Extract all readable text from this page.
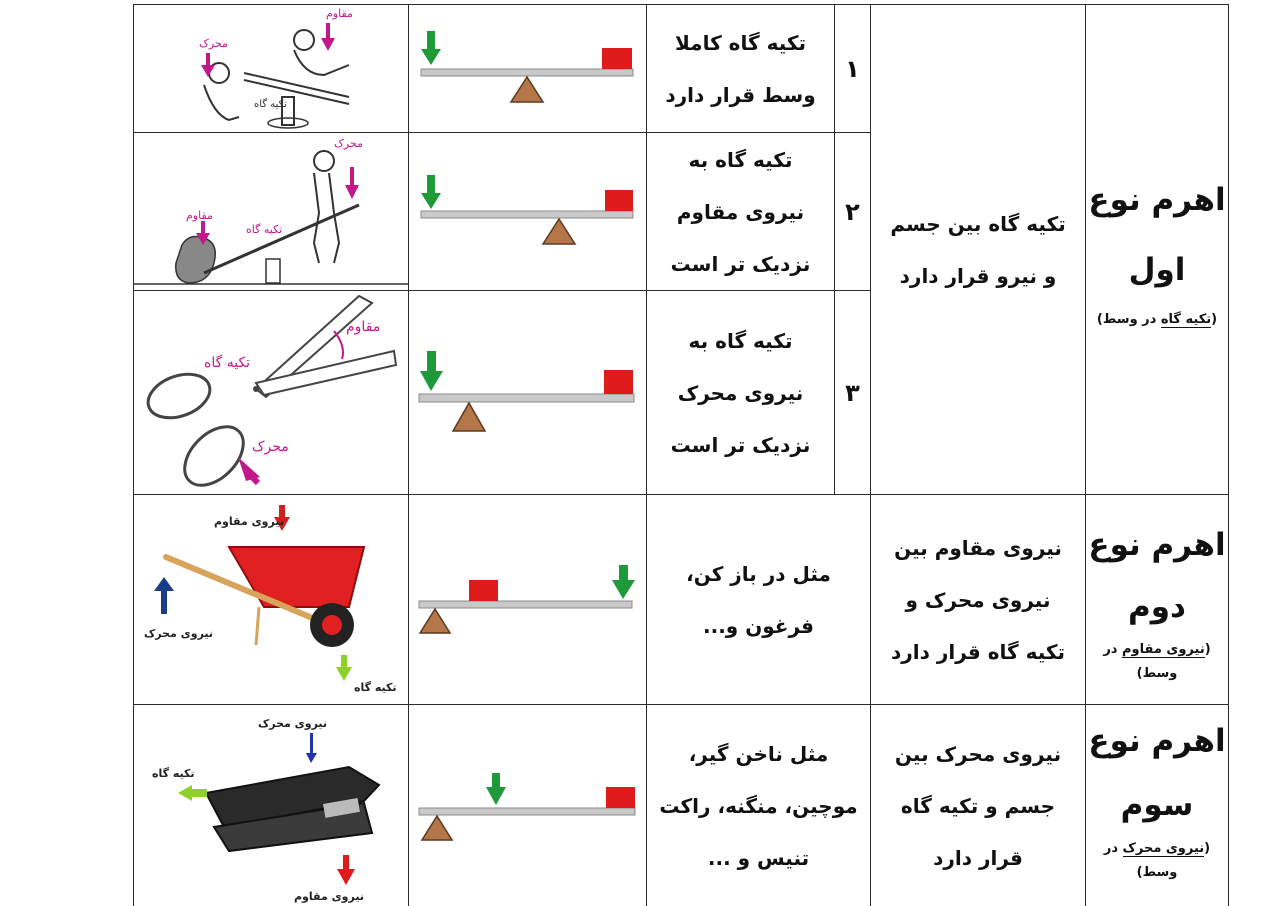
اهرم نوع
اول
(تکیه گاه در وسط)
تکیه گاه بین جسم
و نیرو قرار دارد
۱
تکیه گاه کاملا
وسط قرار دارد
محرک
مقاوم
تکیه گاه
۲
تکیه گاه به
نیروی مقاوم
نزدیک تر است
مقاوم
تکیه گاه
محرک
۳
تکیه گاه به
نیروی محرک
نزدیک تر است
مقاوم
تکیه گاه
محرک
اهرم نوع
دوم
(نیروی مقاوم در وسط)
نیروی مقاوم بین
نیروی محرک و
تکیه گاه قرار دارد
مثل در باز کن،
فرغون و...
نیروی مقاوم
نیروی محرک
تکیه گاه
اهرم نوع
سوم
(نیروی محرک در وسط)
نیروی محرک بین
جسم و تکیه گاه
قرار دارد
مثل ناخن گیر،
موچین، منگنه، راکت
تنیس و ...
نیروی محرک
تکیه گاه
نیروی مقاوم
